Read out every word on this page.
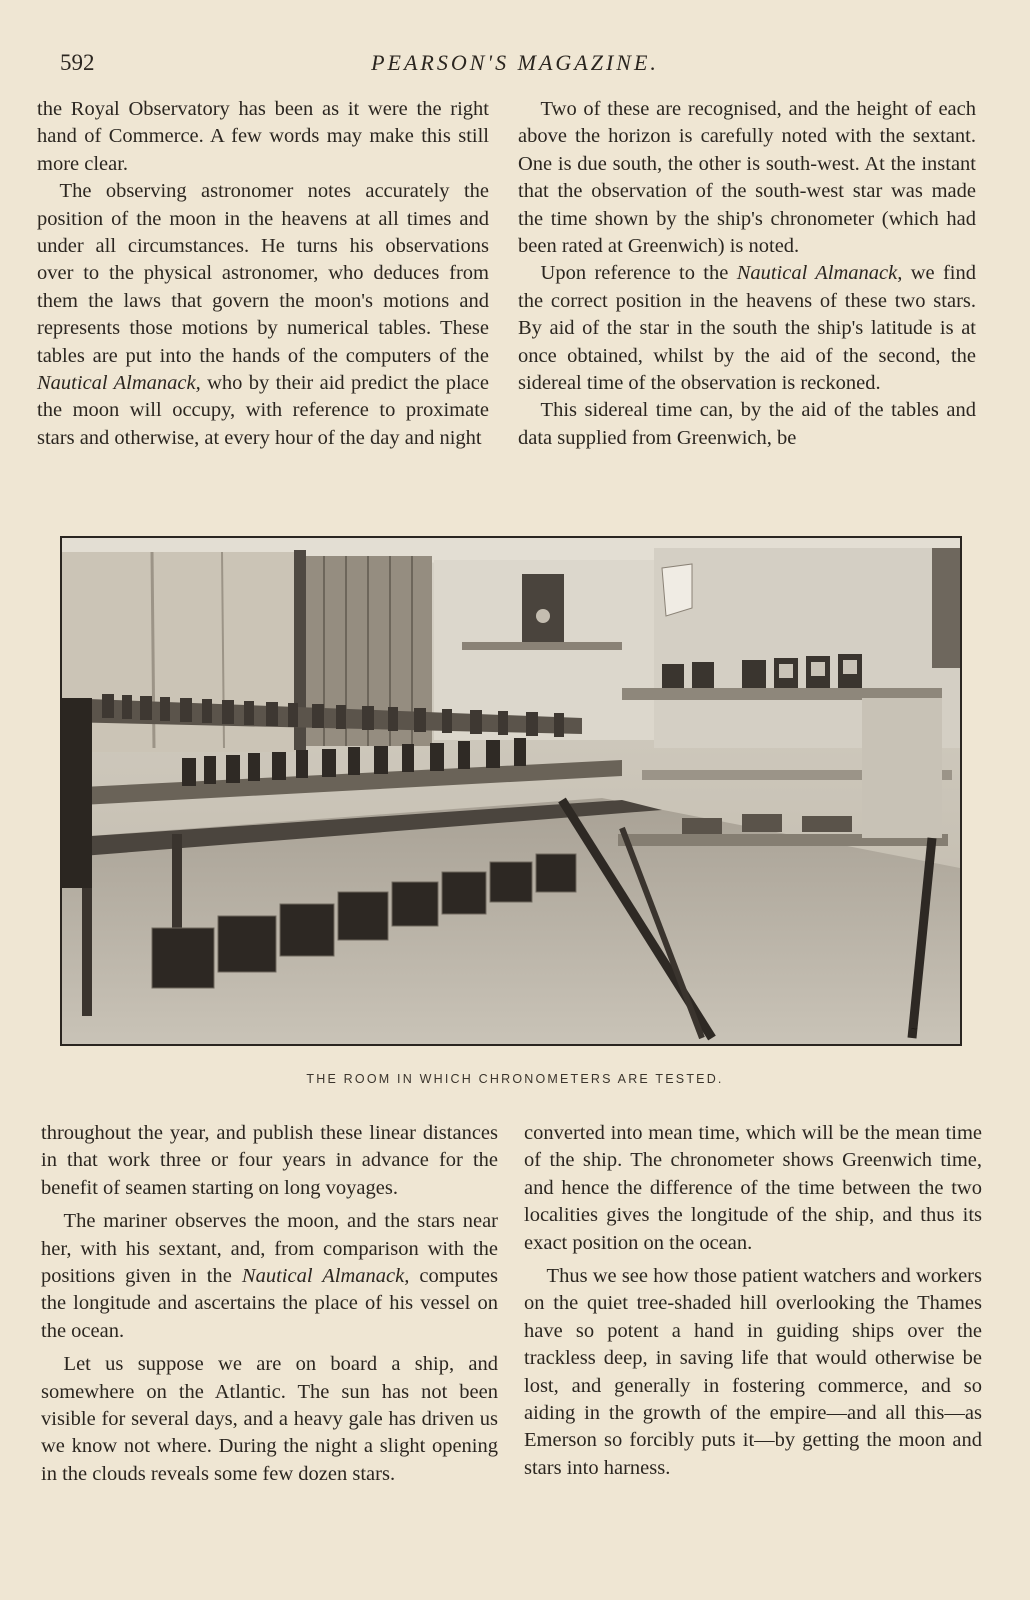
592	PEARSON'S MAGAZINE.

the Royal Observatory has been as it were the right hand of Commerce. A few words may make this still more clear.

The observing astronomer notes accurately the position of the moon in the heavens at all times and under all circumstances. He turns his observations over to the physical astronomer, who deduces from them the laws that govern the moon's motions and represents those motions by numerical tables. These tables are put into the hands of the computers of the Nautical Almanack, who by their aid predict the place the moon will occupy, with reference to proximate stars and otherwise, at every hour of the day and night

Two of these are recognised, and the height of each above the horizon is carefully noted with the sextant. One is due south, the other is south-west. At the instant that the observation of the south-west star was made the time shown by the ship's chronometer (which had been rated at Greenwich) is noted.

Upon reference to the Nautical Almanack, we find the correct position in the heavens of these two stars. By aid of the star in the south the ship's latitude is at once obtained, whilst by the aid of the second, the sidereal time of the observation is reckoned.

This sidereal time can, by the aid of the tables and data supplied from Greenwich, be

~
THE ROOM IN WHICH CHRONOMETERS ARE TESTED.

throughout the year, and publish these linear distances in that work three or four years in advance for the benefit of seamen starting on long voyages.

The mariner observes the moon, and the stars near her, with his sextant, and, from comparison with the positions given in the Nautical Almanack, computes the longitude and ascertains the place of his vessel on the ocean.

Let us suppose we are on board a ship, and somewhere on the Atlantic. The sun has not been visible for several days, and a heavy gale has driven us we know not where. During the night a slight opening in the clouds reveals some few dozen stars.

converted into mean time, which will be the mean time of the ship. The chronometer shows Greenwich time, and hence the difference of the time between the two localities gives the longitude of the ship, and thus its exact position on the ocean.

Thus we see how those patient watchers and workers on the quiet tree-shaded hill overlooking the Thames have so potent a hand in guiding ships over the trackless deep, in saving life that would otherwise be lost, and generally in fostering commerce, and so aiding in the growth of the empire—and all this—as Emerson so forcibly puts it—by getting the moon and stars into harness.
